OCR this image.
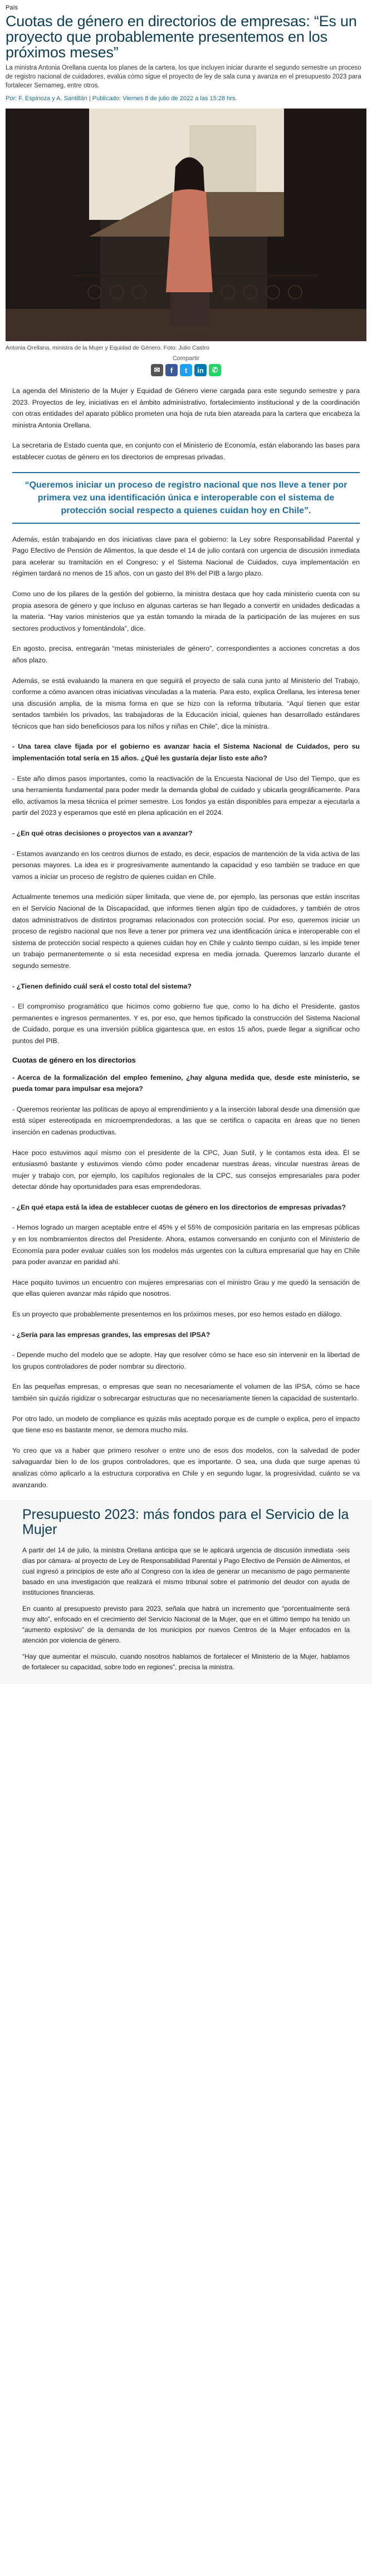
País
Cuotas de género en directorios de empresas: “Es un proyecto que probablemente presentemos en los próximos meses”

La ministra Antonia Orellana cuenta los planes de la cartera, los que incluyen iniciar durante el segundo semestre un proceso de registro nacional de cuidadores, evalúa cómo sigue el proyecto de ley de sala cuna y avanza en el presupuesto 2023 para fortalecer Sernameg, entre otros.

Por: F. Espinoza y A. Santillán | Publicado: Viernes 8 de julio de 2022 a las 15:28 hrs.

Antonia Orellana, ministra de la Mujer y Equidad de Género. Foto: Julio Castro

Compartir
✉	f	t	in	✆

La agenda del Ministerio de la Mujer y Equidad de Género viene cargada para este segundo semestre y para 2023. Proyectos de ley, iniciativas en el ámbito administrativo, fortalecimiento institucional y de la coordinación con otras entidades del aparato público prometen una hoja de ruta bien atareada para la cartera que encabeza la ministra Antonia Orellana.

La secretaria de Estado cuenta que, en conjunto con el Ministerio de Economía, están elaborando las bases para establecer cuotas de género en los directorios de empresas privadas.

“Queremos iniciar un proceso de registro nacional que nos lleve a tener por primera vez una identificación única e interoperable con el sistema de protección social respecto a quienes cuidan hoy en Chile”.

Además, están trabajando en dos iniciativas clave para el gobierno: la Ley sobre Responsabilidad Parental y Pago Efectivo de Pensión de Alimentos, la que desde el 14 de julio contará con urgencia de discusión inmediata para acelerar su tramitación en el Congreso; y el Sistema Nacional de Cuidados, cuya implementación en régimen tardará no menos de 15 años, con un gasto del 8% del PIB a largo plazo.

Como uno de los pilares de la gestión del gobierno, la ministra destaca que hoy cada ministerio cuenta con su propia asesora de género y que incluso en algunas carteras se han llegado a convertir en unidades dedicadas a la materia. “Hay varios ministerios que ya están tomando la mirada de la participación de las mujeres en sus sectores productivos y fomentándola”, dice.

En agosto, precisa, entregarán “metas ministeriales de género”, correspondientes a acciones concretas a dos años plazo.

Además, se está evaluando la manera en que seguirá el proyecto de sala cuna junto al Ministerio del Trabajo, conforme a cómo avancen otras iniciativas vinculadas a la materia. Para esto, explica Orellana, les interesa tener una discusión amplia, de la misma forma en que se hizo con la reforma tributaria. “Aquí tienen que estar sentados también los privados, las trabajadoras de la Educación inicial, quienes han desarrollado estándares técnicos que han sido beneficiosos para los niños y niñas en Chile”, dice la ministra.

- Una tarea clave fijada por el gobierno es avanzar hacia el Sistema Nacional de Cuidados, pero su implementación total sería en 15 años. ¿Qué les gustaría dejar listo este año?

- Este año dimos pasos importantes, como la reactivación de la Encuesta Nacional de Uso del Tiempo, que es una herramienta fundamental para poder medir la demanda global de cuidado y ubicarla geográficamente. Para ello, activamos la mesa técnica el primer semestre. Los fondos ya están disponibles para empezar a ejecutarla a partir del 2023 y esperamos que esté en plena aplicación en el 2024.

- ¿En qué otras decisiones o proyectos van a avanzar?

- Estamos avanzando en los centros diurnos de estado, es decir, espacios de mantención de la vida activa de las personas mayores. La idea es ir progresivamente aumentando la capacidad y eso también se traduce en que vamos a iniciar un proceso de registro de quienes cuidan en Chile.

Actualmente tenemos una medición súper limitada, que viene de, por ejemplo, las personas que están inscritas en el Servicio Nacional de la Discapacidad, que informes tienen algún tipo de cuidadores, y también de otros datos administrativos de distintos programas relacionados con protección social. Por eso, queremos iniciar un proceso de registro nacional que nos lleve a tener por primera vez una identificación única e interoperable con el sistema de protección social respecto a quienes cuidan hoy en Chile y cuánto tiempo cuidan, si les impide tener un trabajo permanentemente o si esta necesidad expresa en media jornada. Queremos lanzarlo durante el segundo semestre.

- ¿Tienen definido cuál será el costo total del sistema?

- El compromiso programático que hicimos como gobierno fue que, como lo ha dicho el Presidente, gastos permanentes e ingresos permanentes. Y es, por eso, que hemos tipificado la construcción del Sistema Nacional de Cuidado, porque es una inversión pública gigantesca que, en estos 15 años, puede llegar a significar ocho puntos del PIB.

Cuotas de género en los directorios

- Acerca de la formalización del empleo femenino, ¿hay alguna medida que, desde este ministerio, se pueda tomar para impulsar esa mejora?

- Queremos reorientar las políticas de apoyo al emprendimiento y a la inserción laboral desde una dimensión que está súper estereotipada en microemprendedoras, a las que se certifica o capacita en áreas que no tienen inserción en cadenas productivas.

Hace poco estuvimos aquí mismo con el presidente de la CPC, Juan Sutil, y le contamos esta idea. Él se entusiasmó bastante y estuvimos viendo cómo poder encadenar nuestras áreas, vincular nuestras áreas de mujer y trabajo con, por ejemplo, los capítulos regionales de la CPC, sus consejos empresariales para poder detectar dónde hay oportunidades para esas emprendedoras.

- ¿En qué etapa está la idea de establecer cuotas de género en los directorios de empresas privadas?

- Hemos logrado un margen aceptable entre el 45% y el 55% de composición paritaria en las empresas públicas y en los nombramientos directos del Presidente. Ahora, estamos conversando en conjunto con el Ministerio de Economía para poder evaluar cuáles son los modelos más urgentes con la cultura empresarial que hay en Chile para poder avanzar en paridad ahí.

Hace poquito tuvimos un encuentro con mujeres empresarias con el ministro Grau y me quedó la sensación de que ellas quieren avanzar más rápido que nosotros.

Es un proyecto que probablemente presentemos en los próximos meses, por eso hemos estado en diálogo.

- ¿Sería para las empresas grandes, las empresas del IPSA?

- Depende mucho del modelo que se adopte. Hay que resolver cómo se hace eso sin intervenir en la libertad de los grupos controladores de poder nombrar su directorio.

En las pequeñas empresas, o empresas que sean no necesariamente el volumen de las IPSA, cómo se hace también sin quizás rigidizar o sobrecargar estructuras que no necesariamente tienen la capacidad de sustentarlo.

Por otro lado, un modelo de compliance es quizás más aceptado porque es de cumple o explica, pero el impacto que tiene eso es bastante menor, se demora mucho más.

Yo creo que va a haber que primero resolver o entre uno de esos dos modelos, con la salvedad de poder salvaguardar bien lo de los grupos controladores, que es importante. O sea, una duda que surge apenas tú analizas cómo aplicarlo a la estructura corporativa en Chile y en segundo lugar, la progresividad, cuánto se va avanzando.

Presupuesto 2023: más fondos para el Servicio de la Mujer

A partir del 14 de julio, la ministra Orellana anticipa que se le aplicará urgencia de discusión inmediata -seis días por cámara- al proyecto de Ley de Responsabilidad Parental y Pago Efectivo de Pensión de Alimentos, el cual ingresó a principios de este año al Congreso con la idea de generar un mecanismo de pago permanente basado en una investigación que realizará el mismo tribunal sobre el patrimonio del deudor con ayuda de instituciones financieras.

En cuanto al presupuesto previsto para 2023, señala que habrá un incremento que “porcentualmente será muy alto”, enfocado en el crecimiento del Servicio Nacional de la Mujer, que en el último tiempo ha tenido un “aumento explosivo” de la demanda de los municipios por nuevos Centros de la Mujer enfocados en la atención por violencia de género.

“Hay que aumentar el músculo, cuando nosotros hablamos de fortalecer el Ministerio de la Mujer, hablamos de fortalecer su capacidad, sobre todo en regiones”, precisa la ministra.
